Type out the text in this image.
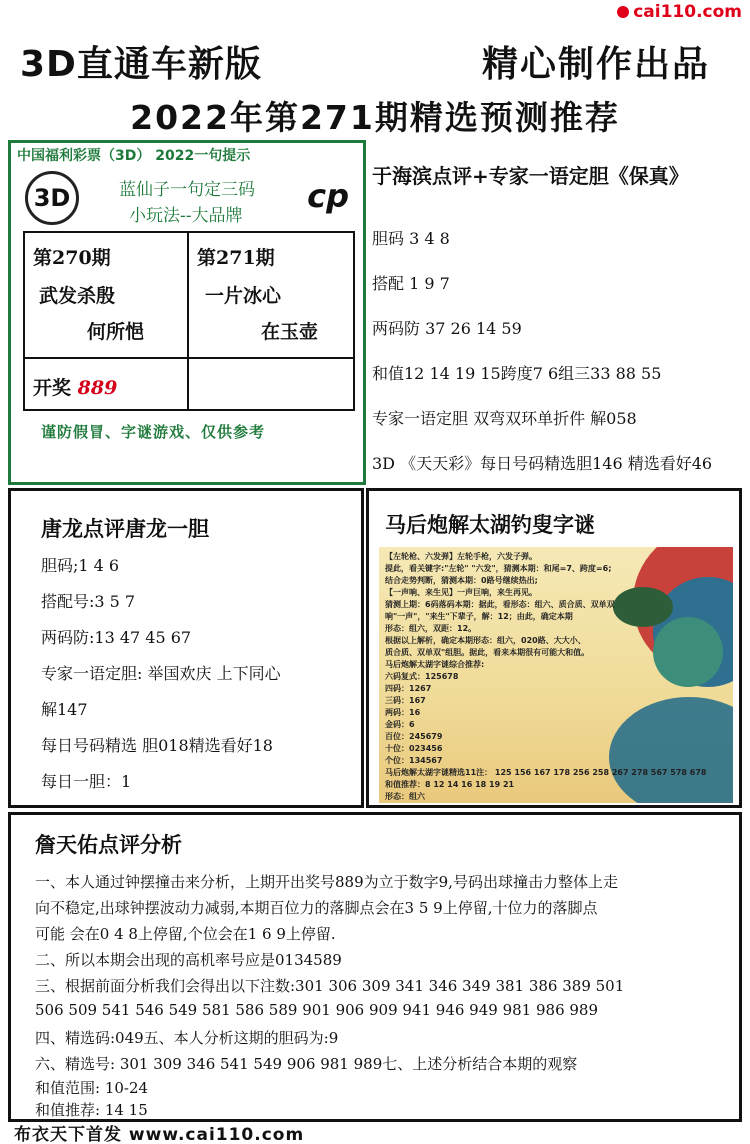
cai110.com
3D直通车新版	精心制作出品
2022年第271期精选预测推荐
中国福利彩票（3D） 2022一句提示
3D	cp
蓝仙子一句定三码
小玩法--大品牌
第270期
武发杀殷
何所悒
第271期
一片冰心
在玉壶
开奖 889
谨防假冒、字谜游戏、仅供参考
于海滨点评+专家一语定胆《保真》
胆码 3 4 8
搭配 1 9 7
两码防 37 26 14 59
和值12 14 19 15跨度7 6组三33 88 55
专家一语定胆 双弯双环单折件 解058
3D 《天天彩》每日号码精选胆146 精选看好46
唐龙点评唐龙一胆
胆码;1 4 6
搭配号:3 5 7
两码防:13 47 45 67
专家一语定胆: 举国欢庆 上下同心
解147
每日号码精选 胆018精选看好18
每日一胆：1
马后炮解太湖钓叟字谜
【左轮枪、六发弹】左轮手枪，六发子弹。
提此，看关键字:"左轮" "六发"，猜测本期：和尾=7、跨度=6;
结合走势判断，猜测本期：0路号继续热出;
【一声响、来生见】一声巨响，来生再见。
猜测上期：6码落码本期：据此，看形态：组六、质合质、双单双
响"一声"，"来生"下辈子，解：12；由此，确定本期
形态：组六，双距：12。
根据以上解析，确定本期形态：组六，020路、大大小、
质合质、双单双"组胆。据此，看来本期很有可能大和值。
马后炮解太湖字谜综合推荐:
六码复式：125678
四码：1267
三码：167
两码：16
金码：6
百位：245679
十位：023456
个位：134567
马后炮解太湖字谜精选11注： 125 156 167 178 256 258 267 278 567 578 678
和值推荐：8 12 14 16 18 19 21
形态：组六
詹天佑点评分析
一、本人通过钟摆撞击来分析，上期开出奖号889为立于数字9,号码出球撞击力整体上走
向不稳定,出球钟摆波动力减弱,本期百位力的落脚点会在3 5 9上停留,十位力的落脚点
可能 会在0 4 8上停留,个位会在1 6 9上停留.
二、所以本期会出现的高机率号应是0134589
三、根据前面分析我们会得出以下注数:301 306 309 341 346 349 381 386 389 501
506 509 541 546 549 581 586 589 901 906 909 941 946 949 981 986 989
四、精选码:049五、本人分析这期的胆码为:9
六、精选号: 301 309 346 541 549 906 981 989七、上述分析结合本期的观察
和值范围: 10-24
和值推荐: 14 15
布衣天下首发 www.cai110.com
